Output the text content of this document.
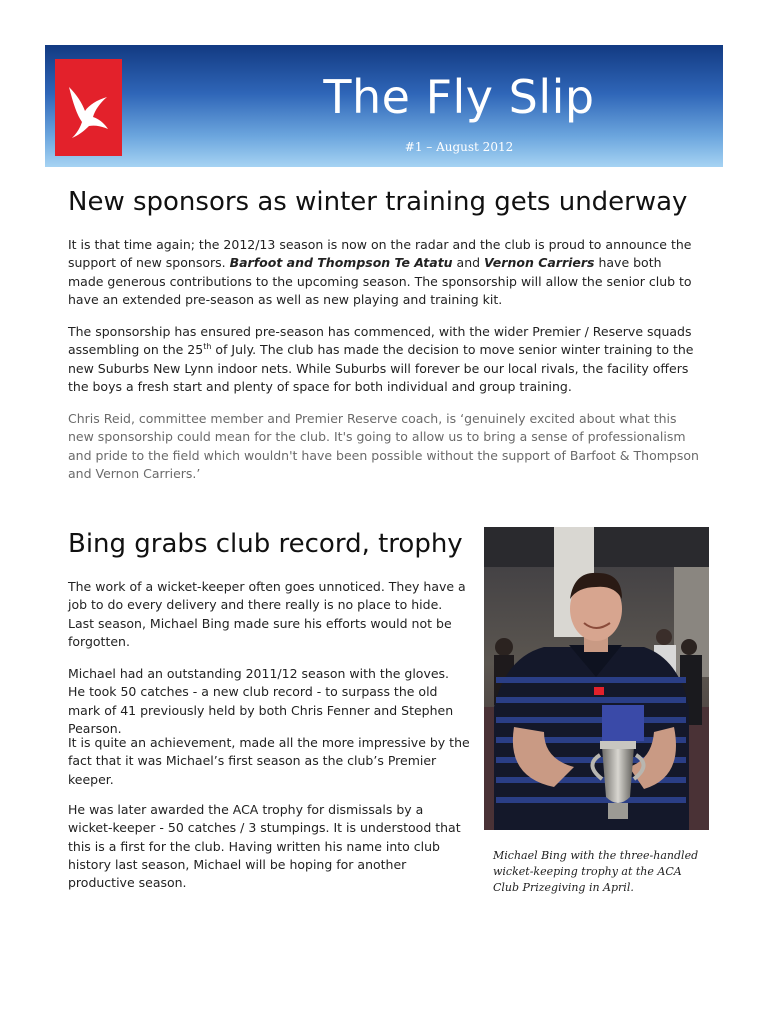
The Fly Slip
#1 – August 2012
New sponsors as winter training gets underway

It is that time again; the 2012/13 season is now on the radar and the club is proud to announce the support of new sponsors. Barfoot and Thompson Te Atatu and Vernon Carriers have both made generous contributions to the upcoming season. The sponsorship will allow the senior club to have an extended pre-season as well as new playing and training kit.

The sponsorship has ensured pre-season has commenced, with the wider Premier / Reserve squads assembling on the 25th of July. The club has made the decision to move senior winter training to the new Suburbs New Lynn indoor nets. While Suburbs will forever be our local rivals, the facility offers the boys a fresh start and plenty of space for both individual and group training.

Chris Reid, committee member and Premier Reserve coach, is ‘genuinely excited about what this new sponsorship could mean for the club. It's going to allow us to bring a sense of professionalism and pride to the field which wouldn't have been possible without the support of Barfoot & Thompson and Vernon Carriers.’

Bing grabs club record, trophy

The work of a wicket-keeper often goes unnoticed. They have a job to do every delivery and there really is no place to hide. Last season, Michael Bing made sure his efforts would not be forgotten.

Michael had an outstanding 2011/12 season with the gloves. He took 50 catches - a new club record - to surpass the old mark of 41 previously held by both Chris Fenner and Stephen Pearson.

It is quite an achievement, made all the more impressive by the fact that it was Michael’s first season as the club’s Premier keeper.

He was later awarded the ACA trophy for dismissals by a wicket-keeper - 50 catches / 3 stumpings. It is understood that this is a first for the club. Having written his name into club history last season, Michael will be hoping for another productive season.

Michael Bing with the three-handled wicket-keeping trophy at the ACA Club Prizegiving in April.
